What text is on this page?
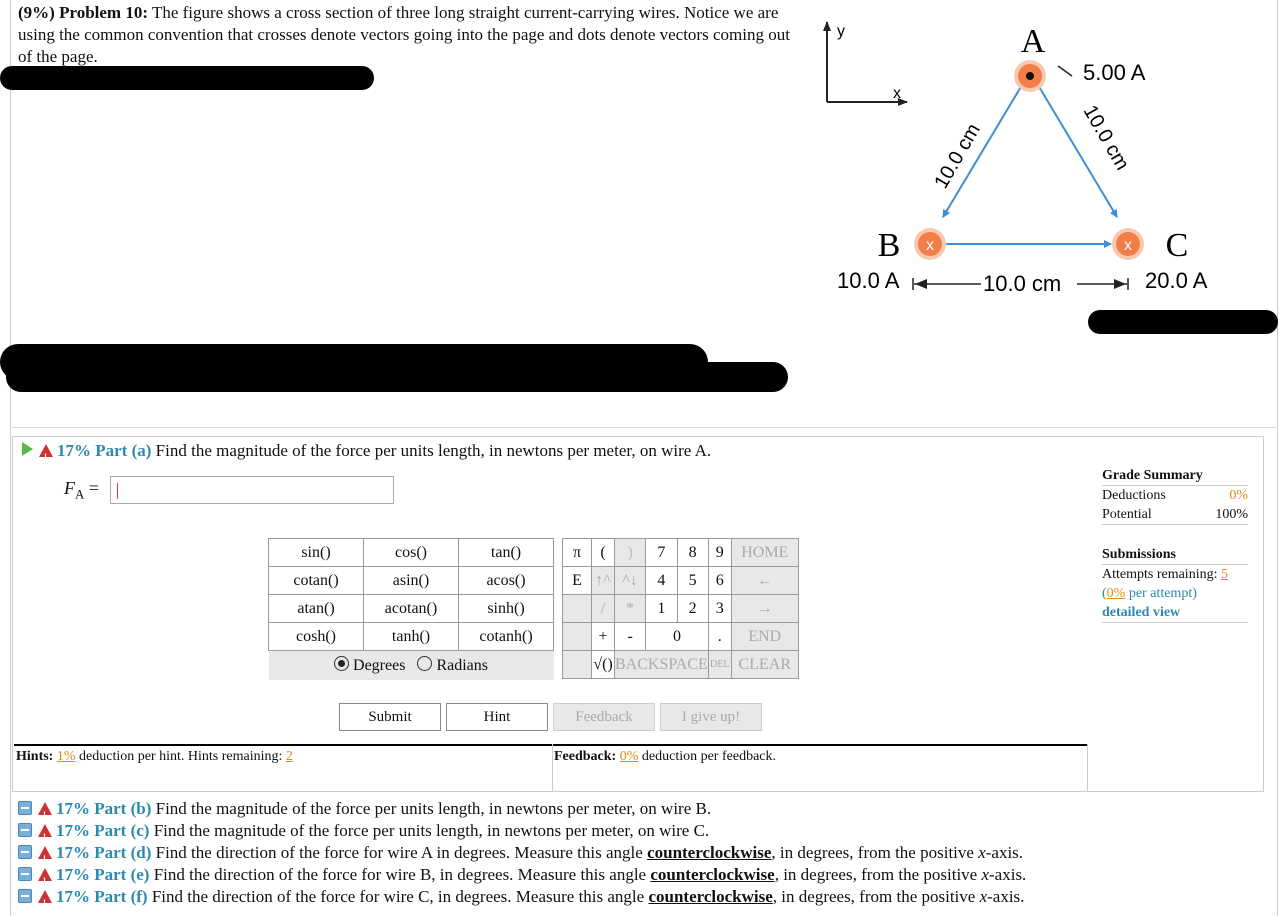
(9%) Problem 10: The figure shows a cross section of three long straight current-carrying wires. Notice we are using the common convention that crosses denote vectors going into the page and dots denote vectors coming out of the page.
y
x
x	x
A
B	C
5.00 A
10.0 A	20.0 A
10.0 cm	10.0 cm
10.0 cm
!17% Part (a) Find the magnitude of the force per units length, in newtons per meter, on wire A.
$F_A$ =
sin()	cos()	tan()
cotan()	asin()	acos()
atan()	acotan()	sinh()
cosh()	tanh()	cotanh()

Degrees Radians		
π	(	)	7	8	9	HOME
E	↑^	^↓	4	5	6	←
	/	*	1	2	3	→
	+	-	0		.	END
	√()	BACKSPACE			DEL	CLEAR
Submit	Hint	Feedback	I give up!
Hints: 1% deduction per hint. Hints remaining: 2	Feedback: 0% deduction per feedback.
Grade Summary
Deductions	0%
Potential	100%
Submissions
Attempts remaining: 5
(0% per attempt)
detailed view
!17% Part (b) Find the magnitude of the force per units length, in newtons per meter, on wire B.
!17% Part (c) Find the magnitude of the force per units length, in newtons per meter, on wire C.
!17% Part (d) Find the direction of the force for wire A in degrees. Measure this angle counterclockwise, in degrees, from the positive x-axis.
!17% Part (e) Find the direction of the force for wire B, in degrees. Measure this angle counterclockwise, in degrees, from the positive x-axis.
!17% Part (f) Find the direction of the force for wire C, in degrees. Measure this angle counterclockwise, in degrees, from the positive x-axis.
